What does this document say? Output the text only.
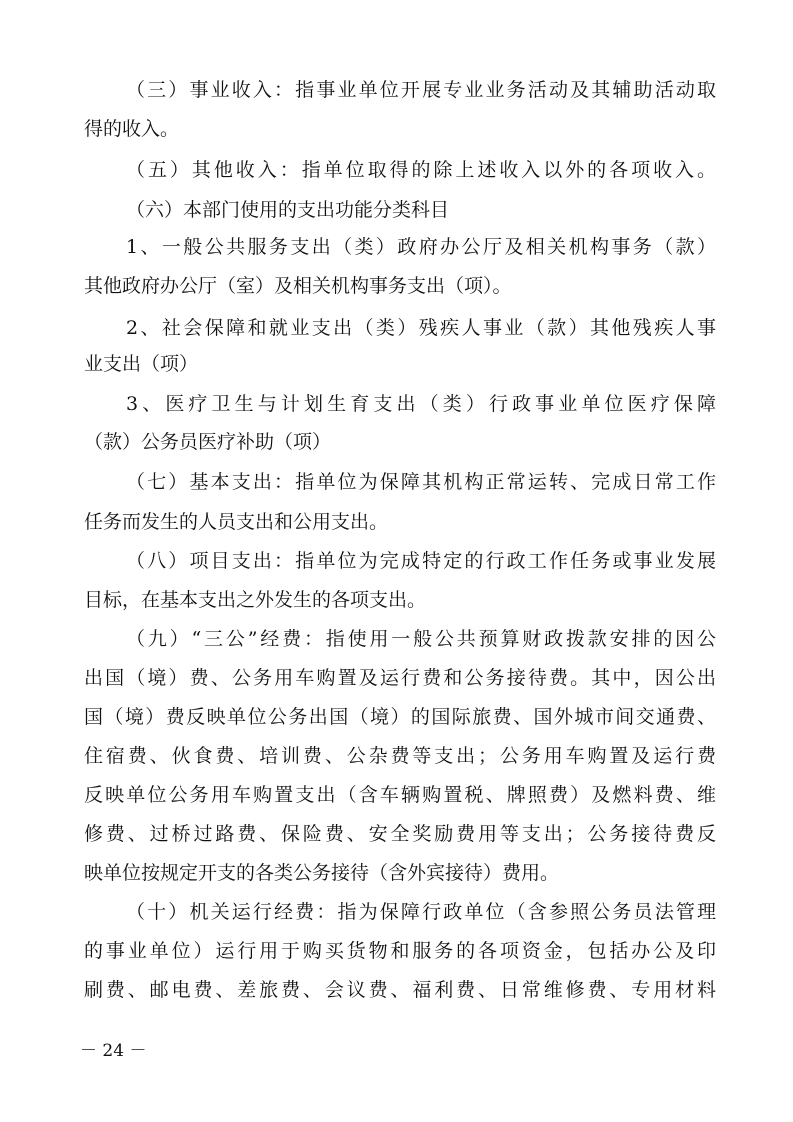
（三）事业收入：指事业单位开展专业业务活动及其辅助活动取
得的收入。
（五）其他收入：指单位取得的除上述收入以外的各项收入。
（六）本部门使用的支出功能分类科目
1、一般公共服务支出（类）政府办公厅及相关机构事务（款）
其他政府办公厅（室）及相关机构事务支出（项）。
2、社会保障和就业支出（类）残疾人事业（款）其他残疾人事
业支出（项）
3、医疗卫生与计划生育支出（类）行政事业单位医疗保障
（款）公务员医疗补助（项）
（七）基本支出：指单位为保障其机构正常运转、完成日常工作
任务而发生的人员支出和公用支出。
（八）项目支出：指单位为完成特定的行政工作任务或事业发展
目标，在基本支出之外发生的各项支出。
（九）“三公”经费：指使用一般公共预算财政拨款安排的因公
出国（境）费、公务用车购置及运行费和公务接待费。其中，因公出
国（境）费反映单位公务出国（境）的国际旅费、国外城市间交通费、
住宿费、伙食费、培训费、公杂费等支出；公务用车购置及运行费
反映单位公务用车购置支出（含车辆购置税、牌照费）及燃料费、维
修费、过桥过路费、保险费、安全奖励费用等支出；公务接待费反
映单位按规定开支的各类公务接待（含外宾接待）费用。
（十）机关运行经费：指为保障行政单位（含参照公务员法管理
的事业单位）运行用于购买货物和服务的各项资金，包括办公及印
刷费、邮电费、差旅费、会议费、福利费、日常维修费、专用材料
－ 24 －
